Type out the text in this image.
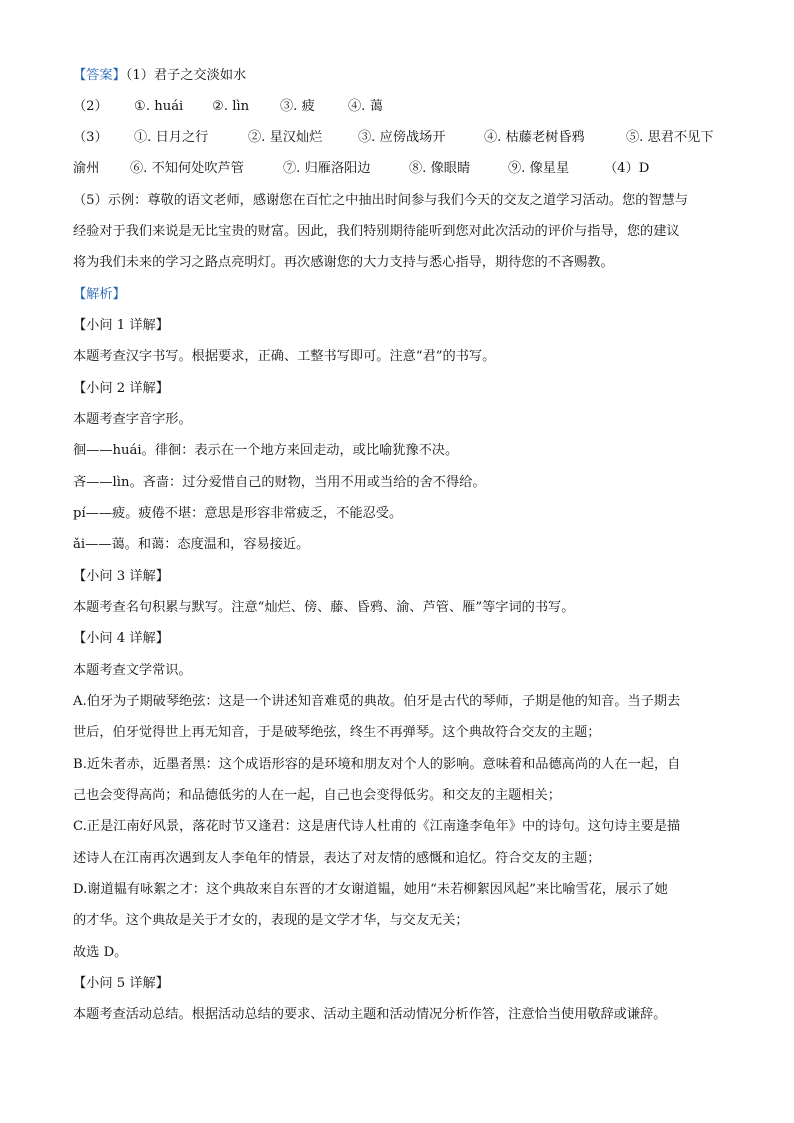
【答案】（1）君子之交淡如水
（2） ①. huái ②. lìn ③. 疲	④. 蔼
（3） ①. 日月之行	②. 星汉灿烂	③. 应傍战场开	④. 枯藤老树昏鸦	⑤. 思君不见下
渝州 ⑥. 不知何处吹芦管	⑦. 归雁洛阳边	⑧. 像眼睛	⑨. 像星星	（4）D
（5）示例：尊敬的语文老师，感谢您在百忙之中抽出时间参与我们今天的交友之道学习活动。您的智慧与
经验对于我们来说是无比宝贵的财富。因此，我们特别期待能听到您对此次活动的评价与指导，您的建议
将为我们未来的学习之路点亮明灯。再次感谢您的大力支持与悉心指导，期待您的不吝赐教。
【解析】
【小问 1 详解】
本题考查汉字书写。根据要求，正确、工整书写即可。注意“君”的书写。
【小问 2 详解】
本题考查字音字形。
徊——huái。徘徊：表示在一个地方来回走动，或比喻犹豫不决。
吝——lìn。吝啬：过分爱惜自己的财物，当用不用或当给的舍不得给。
pí——疲。疲倦不堪：意思是形容非常疲乏，不能忍受。
ǎi——蔼。和蔼：态度温和，容易接近。
【小问 3 详解】
本题考查名句积累与默写。注意“灿烂、傍、藤、昏鸦、渝、芦管、雁”等字词的书写。
【小问 4 详解】
本题考查文学常识。
A.伯牙为子期破琴绝弦：这是一个讲述知音难觅的典故。伯牙是古代的琴师，子期是他的知音。当子期去
世后，伯牙觉得世上再无知音，于是破琴绝弦，终生不再弹琴。这个典故符合交友的主题；
B.近朱者赤，近墨者黑：这个成语形容的是环境和朋友对个人的影响。意味着和品德高尚的人在一起，自
己也会变得高尚；和品德低劣的人在一起，自己也会变得低劣。和交友的主题相关；
C.正是江南好风景，落花时节又逢君：这是唐代诗人杜甫的《江南逢李龟年》中的诗句。这句诗主要是描
述诗人在江南再次遇到友人李龟年的情景，表达了对友情的感慨和追忆。符合交友的主题；
D.谢道韫有咏絮之才：这个典故来自东晋的才女谢道韫，她用“未若柳絮因风起”来比喻雪花，展示了她
的才华。这个典故是关于才女的，表现的是文学才华，与交友无关；
故选 D。
【小问 5 详解】
本题考查活动总结。根据活动总结的要求、活动主题和活动情况分析作答，注意恰当使用敬辞或谦辞。
